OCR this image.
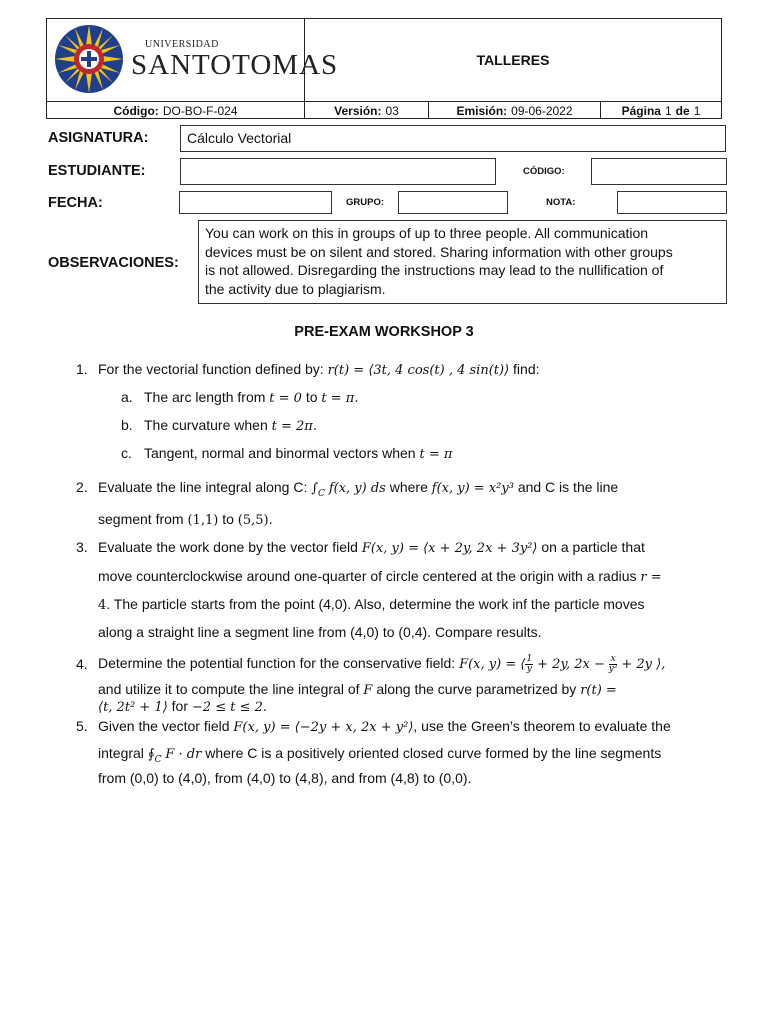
UNIVERSIDAD
SANTOTOMAS	TALLERES
Código: DO-BO-F-024	Versión: 03	Emisión: 09-06-2022	Página 1 de 1
ASIGNATURA:	Cálculo Vectorial
ESTUDIANTE:	CÓDIGO:
FECHA:	GRUPO:	NOTA:
OBSERVACIONES:
You can work on this in groups of up to three people. All communication
devices must be on silent and stored. Sharing information with other groups
is not allowed. Disregarding the instructions may lead to the nullification of
the activity due to plagiarism.
PRE-EXAM WORKSHOP 3
1. For the vectorial function defined by: r(t) = ⟨3t, 4 cos(t) , 4 sin(t)⟩ find:
a. The arc length from t = 0 to t = π.
b. The curvature when t = 2π.
c. Tangent, normal and binormal vectors when t = π
2. Evaluate the line integral along C: $\int_C$ f(x, y) ds where f(x, y) = x²y³ and C is the line
segment from (1,1) to (5,5).
3. Evaluate the work done by the vector field F(x, y) = ⟨x + 2y, 2x + 3y²⟩ on a particle that
move counterclockwise around one-quarter of circle centered at the origin with a radius r =
4. The particle starts from the point (4,0). Also, determine the work inf the particle moves
along a straight line a segment line from (4,0) to (0,4). Compare results.
4. Determine the potential function for the conservative field: F(x, y) = ⟨ $\frac{1}{y} + 2y$, $2x - \frac{x}{\text{y²}} + 2y$ ⟩,
and utilize it to compute the line integral of F along the curve parametrized by r(t) =
⟨t, 2t² + 1⟩ for −2 ≤ t ≤ 2.
5. Given the vector field F(x, y) = ⟨−2y + x, 2x + y²⟩, use the Green’s theorem to evaluate the
integral $∮_C$ F · dr where C is a positively oriented closed curve formed by the line segments
from (0,0) to (4,0), from (4,0) to (4,8), and from (4,8) to (0,0).
